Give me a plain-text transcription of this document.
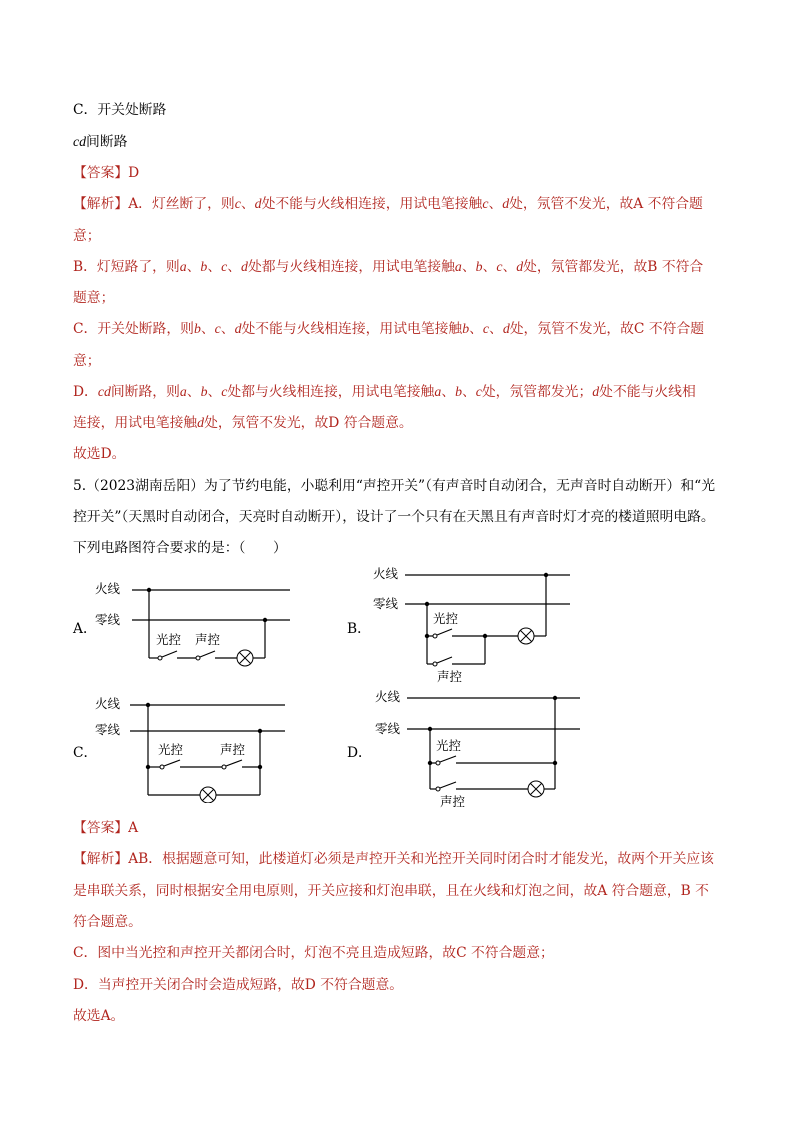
C．开关处断路
cd间断路
【答案】D
【解析】A．灯丝断了，则c、d处不能与火线相连接，用试电笔接触c、d处，氖管不发光，故A 不符合题
意；
B．灯短路了，则a、b、c、d处都与火线相连接，用试电笔接触a、b、c、d处，氖管都发光，故B 不符合
题意；
C．开关处断路，则b、c、d处不能与火线相连接，用试电笔接触b、c、d处，氖管不发光，故C 不符合题
意；
D．cd间断路，则a、b、c处都与火线相连接，用试电笔接触a、b、c处，氖管都发光；d处不能与火线相
连接，用试电笔接触d处，氖管不发光，故D 符合题意。
故选D。
5.（2023湖南岳阳）为了节约电能，小聪利用“声控开关”（有声音时自动闭合，无声音时自动断开）和“光
控开关”（天黑时自动闭合，天亮时自动断开），设计了一个只有在天黑且有声音时灯才亮的楼道照明电路。
下列电路图符合要求的是：（　　）
A．
火线
零线
光控 声控
B．
火线
零线
光控
声控
C．
火线
零线
光控	声控	D．
火线
零线
光控
声控
【答案】A
【解析】AB．根据题意可知，此楼道灯必须是声控开关和光控开关同时闭合时才能发光，故两个开关应该
是串联关系，同时根据安全用电原则，开关应接和灯泡串联，且在火线和灯泡之间，故A 符合题意，B 不
符合题意。
C．图中当光控和声控开关都闭合时，灯泡不亮且造成短路，故C 不符合题意；
D．当声控开关闭合时会造成短路，故D 不符合题意。
故选A。
